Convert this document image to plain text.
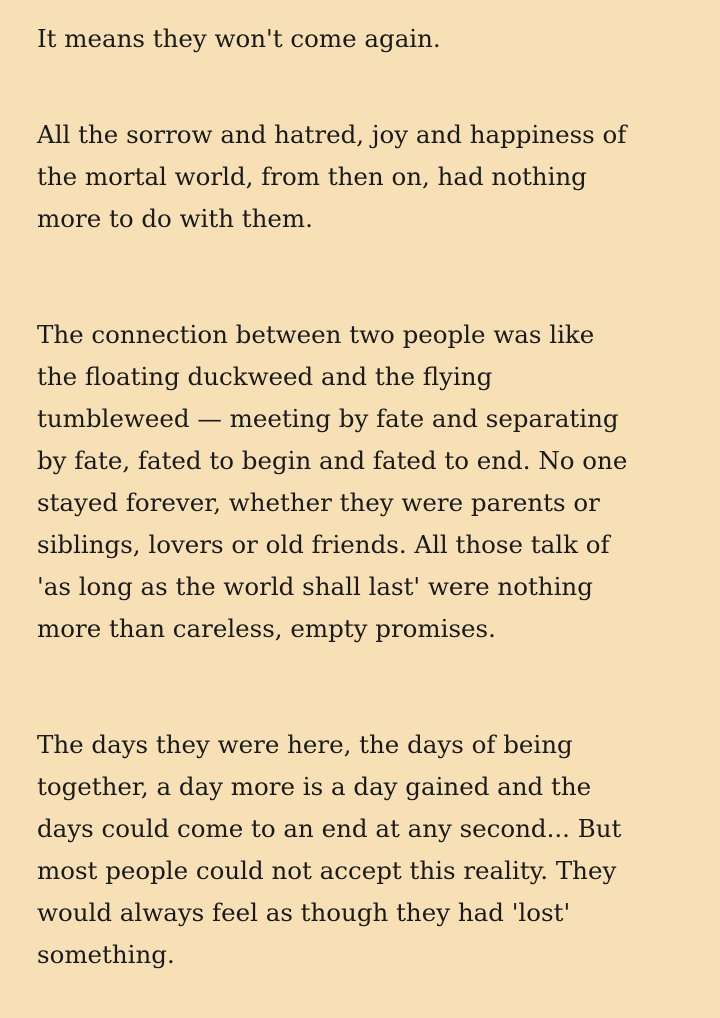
It means they won't come again.

All the sorrow and hatred, joy and happiness of
the mortal world, from then on, had nothing
more to do with them.

The connection between two people was like
the floating duckweed and the flying
tumbleweed — meeting by fate and separating
by fate, fated to begin and fated to end. No one
stayed forever, whether they were parents or
siblings, lovers or old friends. All those talk of
'as long as the world shall last' were nothing
more than careless, empty promises.

The days they were here, the days of being
together, a day more is a day gained and the
days could come to an end at any second... But
most people could not accept this reality. They
would always feel as though they had 'lost'
something.
